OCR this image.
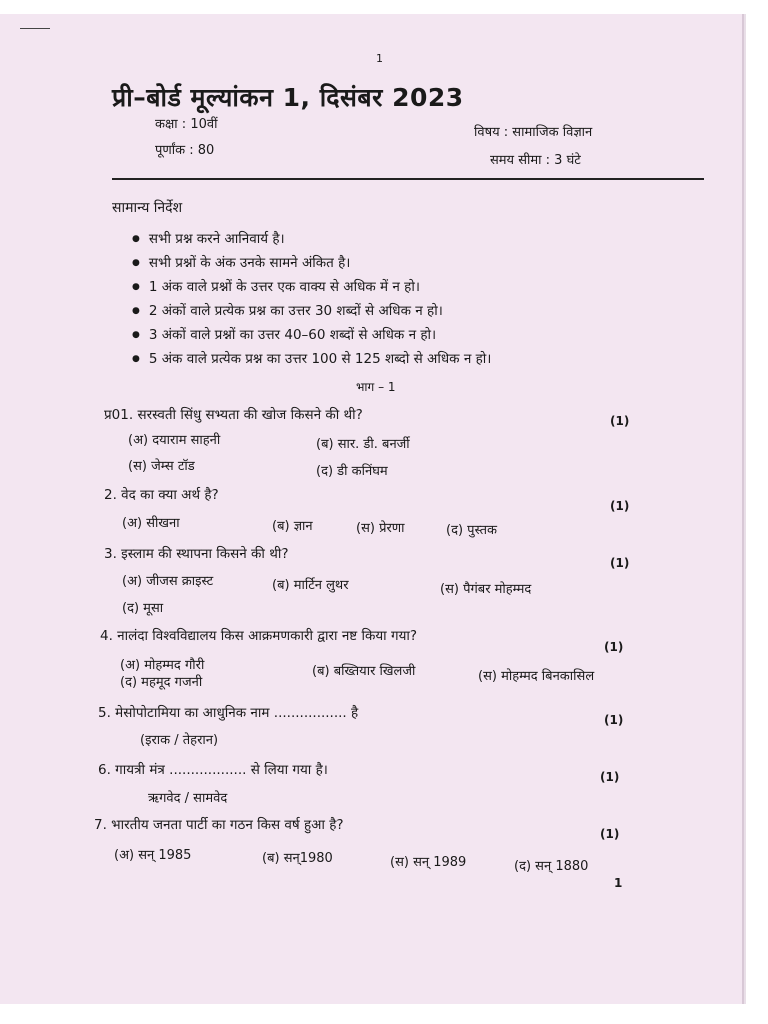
1
प्री–बोर्ड मूल्यांकन 1, दिसंबर 2023
कक्षा : 10वीं
पूर्णांक : 80
विषय : सामाजिक विज्ञान
समय सीमा : 3 घंटे
सामान्य निर्देश
● सभी प्रश्न करने आनिवार्य है।
● सभी प्रश्नों के अंक उनके सामने अंकित है।
● 1 अंक वाले प्रश्नों के उत्तर एक वाक्य से अधिक में न हो।
● 2 अंकों वाले प्रत्येक प्रश्न का उत्तर 30 शब्दों से अधिक न हो।
● 3 अंकों वाले प्रश्नों का उत्तर 40–60 शब्दों से अधिक न हो।
● 5 अंक वाले प्रत्येक प्रश्न का उत्तर 100 से 125 शब्दो से अधिक न हो।
भाग – 1
प्र01. सरस्वती सिंधु सभ्यता की खोज किसने की थी?	(1)
(अ) दयाराम साहनी	(ब) सार. डी. बनर्जी
(स) जेम्स टॉड	(द) डी कनिंघम
2. वेद का क्या अर्थ है?
(1)
(अ) सीखना	(ब) ज्ञान	(स) प्रेरणा	(द) पुस्तक
3. इस्लाम की स्थापना किसने की थी?
(1)
(अ) जीजस क्राइस्ट	(ब) मार्टिन लुथर	(स) पैगंबर मोहम्मद
(द) मूसा
4. नालंदा विश्वविद्यालय किस आक्रमणकारी द्वारा नष्ट किया गया?
(1)
(अ) मोहम्मद गौरी	(ब) बख्तियार खिलजी	(स) मोहम्मद बिनकासिल
(द) महमूद गजनी
5. मेसोपोटामिया का आधुनिक नाम ................. है	(1)
(इराक / तेहरान)
6. गायत्री मंत्र .................. से लिया गया है।	(1)
ऋगवेद / सामवेद
7. भारतीय जनता पार्टी का गठन किस वर्ष हुआ है?
(1)
(अ) सन् 1985	(ब) सन्1980	(स) सन् 1989	(द) सन् 1880
1
